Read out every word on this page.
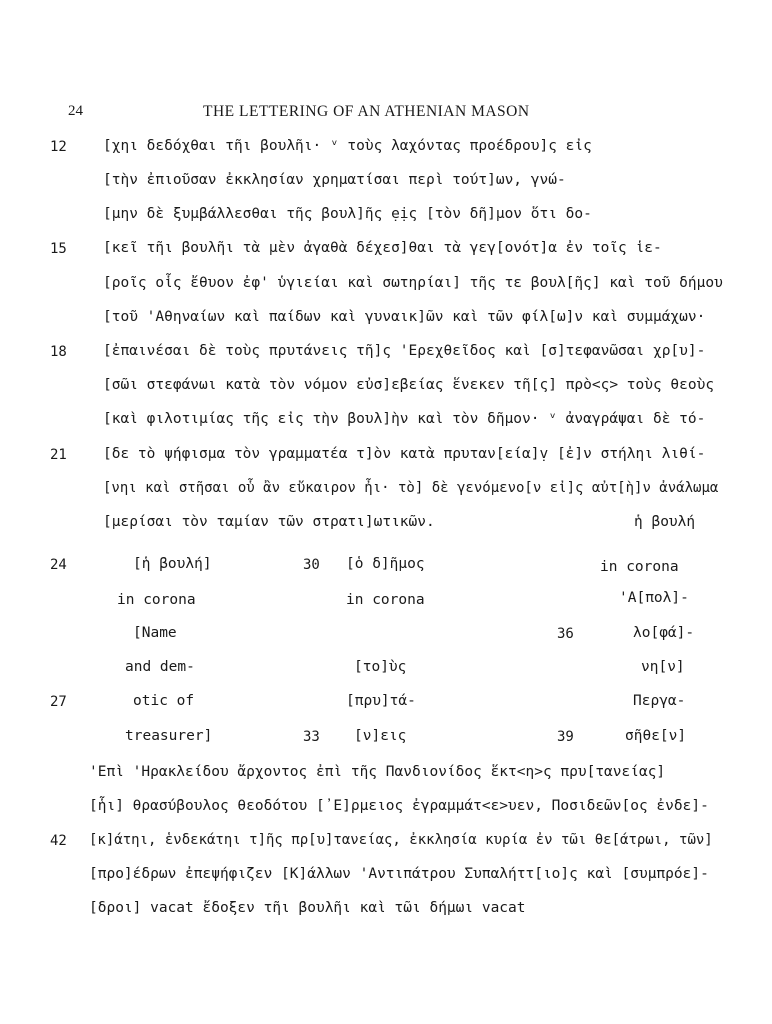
24	THE LETTERING OF AN ATHENIAN MASON
12 [χηι δεδόχθαι τῆι βουλῆι· ᵛ τοὺς λαχόντας προέδρου]ς εἰς
[τὴν ἐπιοῦσαν ἐκκλησίαν χρηματίσαι περὶ τούτ]ων, γνώ-
[μην δὲ ξυμβάλλεσθαι τῆς βουλ]ῆς ẹịς [τὸν δῆ]μον ὅτι δο-
15 [κεῖ τῆι βουλῆι τὰ μὲν ἀγαθὰ δέχεσ]θαι τὰ γεγ[ονότ]α ἐν τοῖς ἱε-
[ροῖς οἷς ἔθυον ἐφ' ὑγιείαι καὶ σωτηρίαι] τῆς τε βουλ[ῆς] καὶ τοῦ δήμου
[τοῦ 'Αθηναίων καὶ παίδων καὶ γυναικ]ῶν καὶ τῶν φίλ[ω]ν καὶ συμμάχων·
18 [ἐπαινέσαι δὲ τοὺς πρυτάνεις τῆ]ς 'Ερεχθεῖδος καὶ [σ]τεφανῶσαι χρ[υ]-
[σῶι στεφάνωι κατὰ τὸν νόμον εὐσ]εβείας ἕνεκεν τῆ[ς] πρὸ<ς> τοὺς θεοὺς
[καὶ φιλοτιμίας τῆς εἰς τὴν βουλ]ὴν καὶ τὸν δῆμον· ᵛ ἀναγράψαι δὲ τό-
21 [δε τὸ ψήφισμα τὸν γραμματέα τ]ὸν κατὰ πρυταν[εία]ṿ [ἐ]ν στήληι λιθί-
[νηι καὶ στῆσαι οὗ ἂν εὔκαιρον ἦι· τὸ] δὲ γενόμενο[ν εἰ]ς αὐτ[ὴ]ν ἀνάλωμα
[μερίσαι τὸν ταμίαν τῶν στρατι]ωτικῶν.	ἡ βουλή
24	[ἡ βουλή]	30 [ὁ δ]ῆμος	in corona
in corona	in corona	'Α[πολ]-
[Name	36	λο[φά]-
and dem-	[το]ὺς	νη[ν]
27	otic of	[πρυ]τά-	Περγα-
treasurer]	33 [ν]εις	39	σῆθε[ν]
'Επὶ 'Ηρακλείδου ἄρχοντος ἐπὶ τῆς Πανδιονίδος ἕκτ<η>ς πρυ[τανείας]
[ἧι] θρασύβουλος θεοδότου [᾿Ε]ρμειος ἐγραμμάτ<ε>υεν, Ποσιδεῶν[ος ἐνδε]-
42 [κ]άτηι, ἑνδεκάτηι τ]ῆς πρ[υ]τανείας, ἐκκλησία κυρία ἐν τῶι θε[άτρωι, τῶν]
[προ]έδρων ἐπεψήφιζεν [Κ]άλλων 'Αντιπάτρου Συπαλήττ[ιο]ς καὶ [συμπρόε]-
[δροι] vacat ἔδοξεν τῆι βουλῆι καὶ τῶι δήμωι vacat
